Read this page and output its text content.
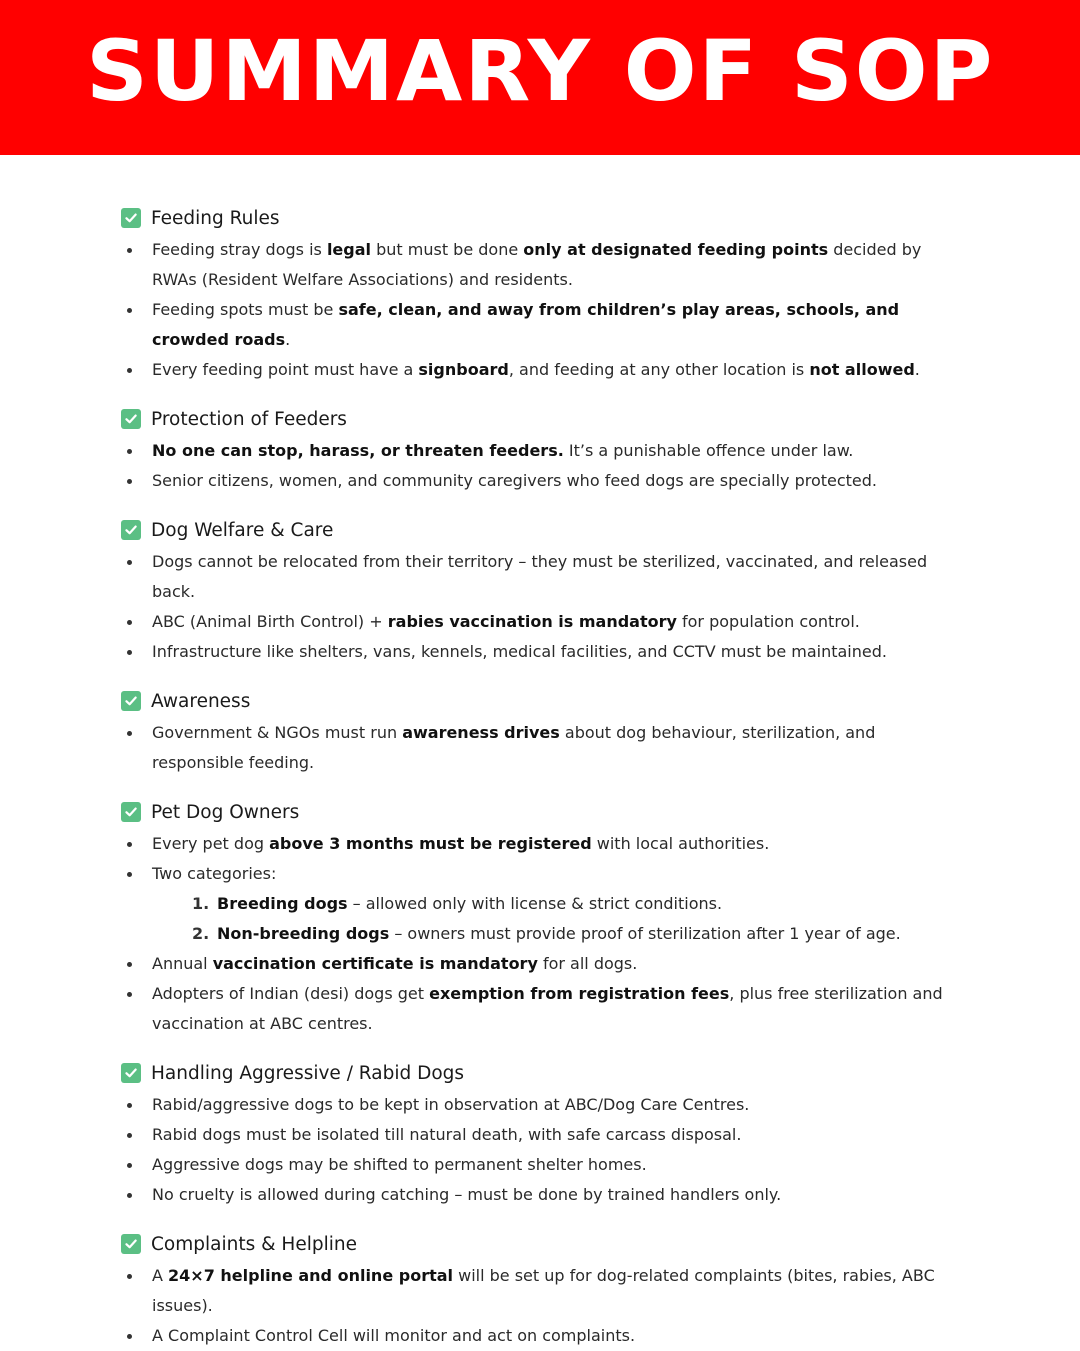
SUMMARY OF SOP
Feeding Rules
Feeding stray dogs is legal but must be done only at designated feeding points decided by RWAs (Resident Welfare Associations) and residents.
Feeding spots must be safe, clean, and away from children’s play areas, schools, and crowded roads.
Every feeding point must have a signboard, and feeding at any other location is not allowed.
Protection of Feeders
No one can stop, harass, or threaten feeders. It’s a punishable offence under law.
Senior citizens, women, and community caregivers who feed dogs are specially protected.
Dog Welfare & Care
Dogs cannot be relocated from their territory – they must be sterilized, vaccinated, and released back.
ABC (Animal Birth Control) + rabies vaccination is mandatory for population control.
Infrastructure like shelters, vans, kennels, medical facilities, and CCTV must be maintained.
Awareness
Government & NGOs must run awareness drives about dog behaviour, sterilization, and responsible feeding.
Pet Dog Owners
Every pet dog above 3 months must be registered with local authorities.
Two categories:
1. Breeding dogs – allowed only with license & strict conditions.
2. Non-breeding dogs – owners must provide proof of sterilization after 1 year of age.
Annual vaccination certificate is mandatory for all dogs.
Adopters of Indian (desi) dogs get exemption from registration fees, plus free sterilization and vaccination at ABC centres.
Handling Aggressive / Rabid Dogs
Rabid/aggressive dogs to be kept in observation at ABC/Dog Care Centres.
Rabid dogs must be isolated till natural death, with safe carcass disposal.
Aggressive dogs may be shifted to permanent shelter homes.
No cruelty is allowed during catching – must be done by trained handlers only.
Complaints & Helpline
A 24×7 helpline and online portal will be set up for dog-related complaints (bites, rabies, ABC issues).
A Complaint Control Cell will monitor and act on complaints.
